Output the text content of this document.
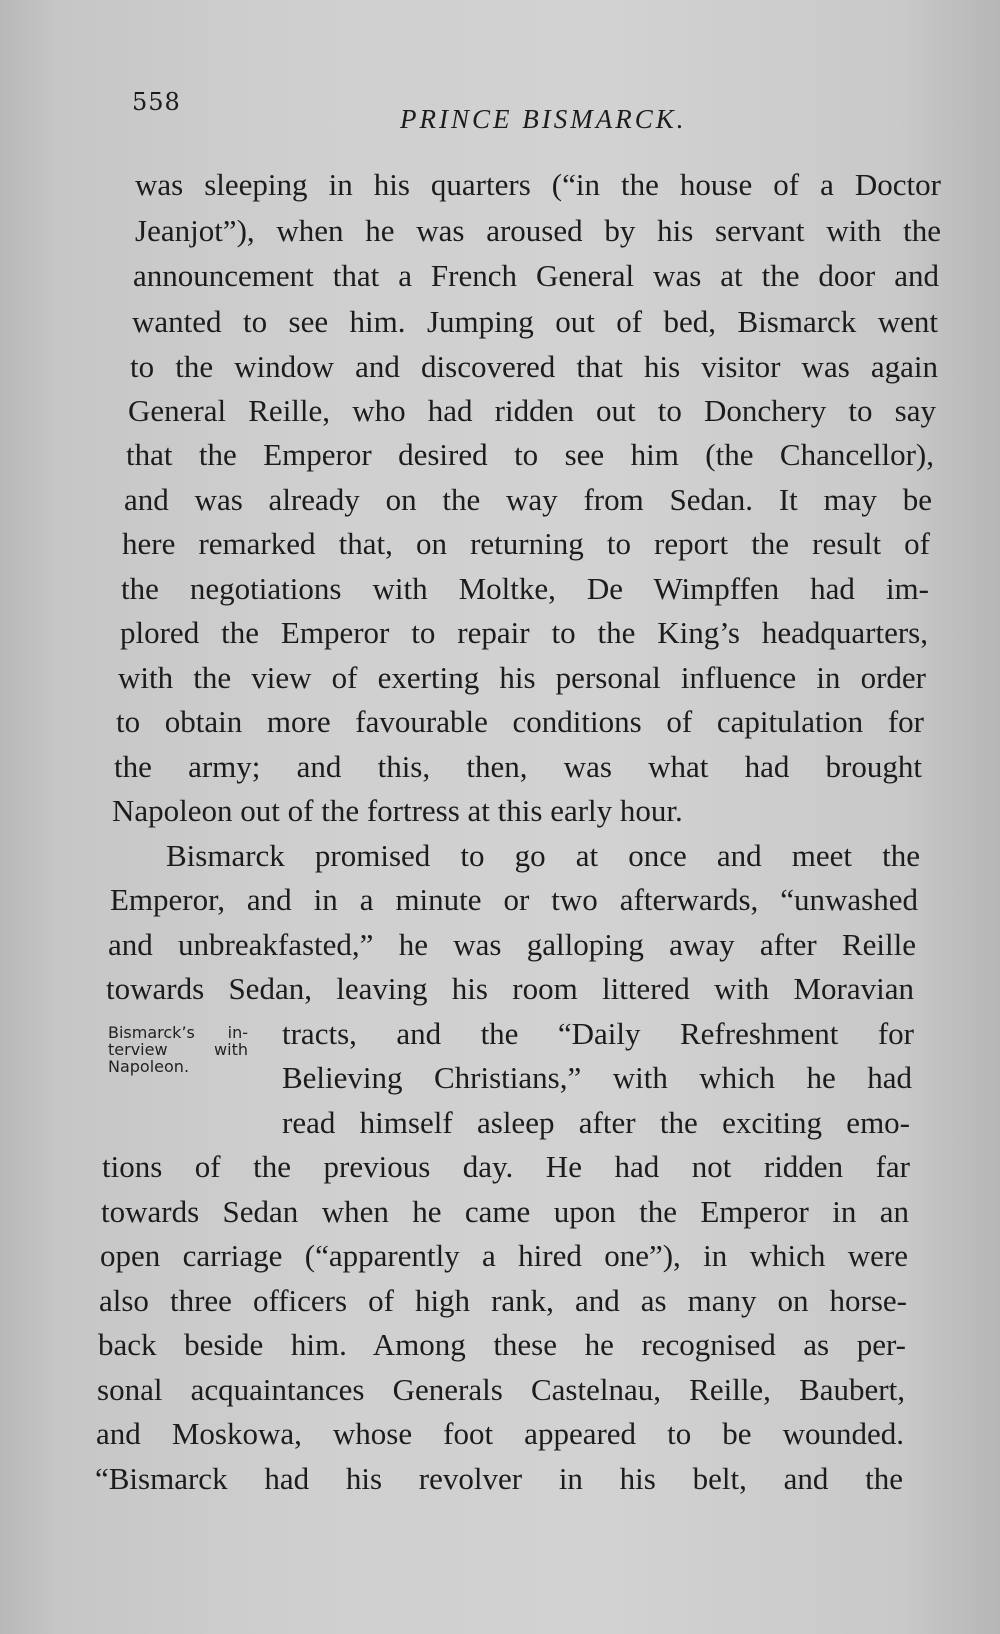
558
PRINCE BISMARCK.
was sleeping in his quarters (“in the house of a Doctor
Jeanjot”), when he was aroused by his servant with the
announcement that a French General was at the door and
wanted to see him. Jumping out of bed, Bismarck went
to the window and discovered that his visitor was again
General Reille, who had ridden out to Donchery to say
that the Emperor desired to see him (the Chancellor),
and was already on the way from Sedan. It may be
here remarked that, on returning to report the result of
the negotiations with Moltke, De Wimpffen had im-
plored the Emperor to repair to the King’s headquarters,
with the view of exerting his personal influence in order
to obtain more favourable conditions of capitulation for
the army; and this, then, was what had brought
Napoleon out of the fortress at this early hour.
Bismarck promised to go at once and meet the
Emperor, and in a minute or two afterwards, “unwashed
and unbreakfasted,” he was galloping away after Reille
towards Sedan, leaving his room littered with Moravian
tracts, and the “Daily Refreshment for
Believing Christians,” with which he had
read himself asleep after the exciting emo-
tions of the previous day. He had not ridden far
towards Sedan when he came upon the Emperor in an
open carriage (“apparently a hired one”), in which were
also three officers of high rank, and as many on horse-
back beside him. Among these he recognised as per-
sonal acquaintances Generals Castelnau, Reille, Baubert,
and Moskowa, whose foot appeared to be wounded.
“Bismarck had his revolver in his belt, and the
Bismarck’s in-
terview with
Napoleon.
